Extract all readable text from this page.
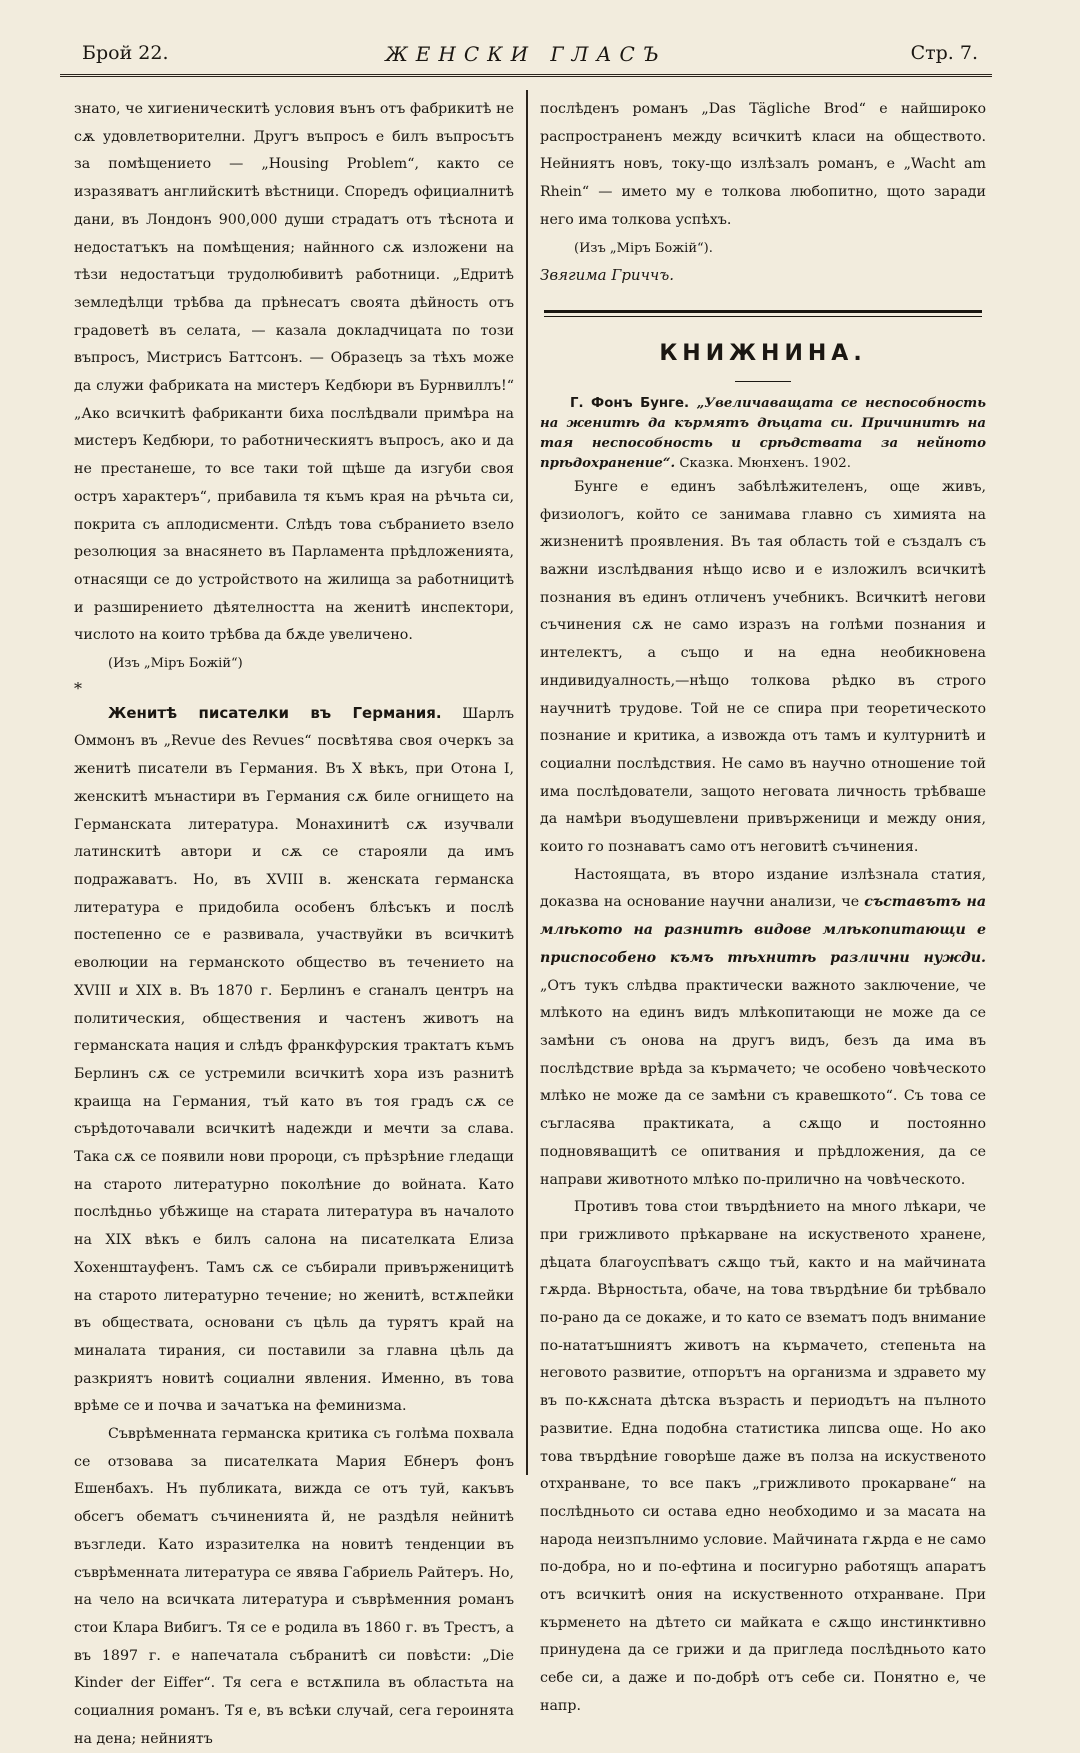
Брой 22.	ЖЕНСКИ ГЛАСЪ	Стр. 7.

знато, че хигиеническитѣ условия вънъ отъ фабрикитѣ не сѫ удовлетворителни. Другъ въпросъ е билъ въпросътъ за помѣщението — „Housing Problem“, както се изразяватъ английскитѣ вѣстници. Споредъ официалнитѣ дани, въ Лондонъ 900,000 души страдатъ отъ тѣснота и недостатъкъ на помѣщения; найнного сѫ изложени на тѣзи недостатъци трудолюбивитѣ работници. „Едритѣ земледѣлци трѣбва да прѣнесатъ своята дѣйность отъ градоветѣ въ селата, — казала докладчицата по този въпросъ, Мистрисъ Баттсонъ. — Образецъ за тѣхъ може да служи фабриката на мистеръ Кедбюри въ Бурнвиллъ!“ „Ако всичкитѣ фабриканти биха послѣдвали примѣра на мистеръ Кедбюри, то работническиятъ въпросъ, ако и да не престанеше, то все таки той щѣше да изгуби своя остръ характеръ“, прибавила тя къмъ края на рѣчьта си, покрита съ аплодисменти. Слѣдъ това събранието взело резолюция за внасянето въ Парламента прѣдложенията, отнасящи се до устройството на жилища за работницитѣ и разширението дѣятелността на женитѣ инспектори, числото на които трѣбва да бѫде увеличено.

(Изъ „Міръ Божій“)

*

Женитѣ писателки въ Германия. Шарлъ Оммонъ въ „Revue des Revues“ посвѣтява своя очеркъ за женитѣ писатели въ Германия. Въ X вѣкъ, при Отона I, женскитѣ мънастири въ Германия сѫ биле огнището на Германската литература. Монахинитѣ сѫ изучвали латинскитѣ автори и сѫ се старояли да имъ подражаватъ. Но, въ XVIII в. женската германска литература е придобила особенъ блѣсъкъ и послѣ постепенно се е развивала, участвуйки въ всичкитѣ еволюции на германското общество въ течението на XVIII и XIX в. Въ 1870 г. Берлинъ е craналъ центръ на политическия, обществения и частенъ животъ на германската нация и слѣдъ франкфурския трактатъ къмъ Берлинъ сѫ се устремили всичкитѣ хора изъ разнитѣ краища на Германия, тъй като въ тоя градъ сѫ се сърѣдоточавали всичкитѣ надежди и мечти за слава. Така сѫ се появили нови пророци, съ прѣзрѣние гледащи на старото литературно поколѣние до войната. Като послѣдньо убѣжище на старата литература въ началото на XIX вѣкъ е билъ салона на писателката Елиза Хохенштауфенъ. Тамъ сѫ се събирали привърженицитѣ на старото литературно течение; но женитѣ, встѫпейки въ обществата, основани съ цѣль да турятъ край на миналата тирания, си поставили за главна цѣль да разкриятъ новитѣ социални явления. Именно, въ това врѣме се и почва и зачатъка на феминизма.

Съврѣменната германска критика съ голѣма похвала се отзовава за писателката Мария Ебнеръ фонъ Ешенбахъ. Нъ публиката, вижда се отъ туй, какъвъ обсегъ обематъ съчиненията й, не раздѣля нейнитѣ възгледи. Като изразителка на новитѣ тенденции въ съврѣменната литература се явява Габриель Райтеръ. Но, на чело на всичката литература и съврѣменния романъ стои Клара Вибигъ. Тя се е родила въ 1860 г. въ Трестъ, а въ 1897 г. е напечатала събранитѣ си повѣсти: „Die Kinder der Eiffer“. Тя сега е встѫпила въ областьта на социалния романъ. Тя е, въ всѣки случай, сега героинята на дена; нейниятъ

послѣденъ романъ „Das Tägliche Brod“ е найширoко распространенъ между всичкитѣ класи на обществото. Нейниятъ новъ, току-що излѣзалъ романъ, е „Wacht am Rhein“ — името му е толкова любопитно, щото заради него има толкова успѣхъ.

(Изъ „Міръ Божій“).

Звягима Гриччъ.

КНИЖНИНА.

Г. Фонъ Бунге. „Увеличаващата се неспособность на женитѣ да кърмятъ дѣцата си. Причинитѣ на тая неспособность и срѣдствата за нейното прѣдохранение“. Сказка. Мюнхенъ. 1902.

Бунге е единъ забѣлѣжителенъ, още живъ, физиологъ, който се занимава главно съ химията на жизненитѣ проявления. Въ тая область той е създалъ съ важни изслѣдвания нѣщо исво и е изложилъ всичкитѣ познания въ единъ отличенъ учебникъ. Всичкитѣ негови съчинения сѫ не само изразъ на голѣми познания и интелектъ, а също и на една необикновена индивидуалность,—нѣщо толкова рѣдко въ строго научнитѣ трудове. Той не се спира при теоретическото познание и критика, а извожда отъ тамъ и културнитѣ и социални послѣдствия. Не само въ научно отношение той има послѣдователи, защото неговата личность трѣбваше да намѣри въодушевлени привърженици и между ония, които го познаватъ само отъ неговитѣ съчинения.

Настоящата, въ второ издание излѣзнала статия, доказва на основание научни анализи, че съставътъ на млѣкото на разнитѣ видове млѣкопитающи е приспособено къмъ тѣхнитѣ различни нужди. „Отъ тукъ слѣдва практически важното заключение, че млѣкото на единъ видъ млѣкопитающи не може да се замѣни съ онова на другъ видъ, безъ да има въ послѣдствие врѣда за кърмачето; че особено човѣческото млѣко не може да се замѣни съ кравешкото“. Съ това се съгласява практиката, а сѫщо и постоянно подновяващитѣ се опитвания и прѣдложения, да се направи животното млѣко по-прилично на човѣческото.

Противъ това стои твърдѣнието на много лѣкари, че при грижливото прѣкарване на искуственото хранене, дѣцата благоуспѣватъ сѫщо тъй, както и на майчината гѫрда. Вѣрностьта, обаче, на това твърдѣние би трѣбвало по-рано да се докаже, и то като се взематъ подъ внимание по-нататъшниятъ животъ на кърмачето, степеньта на неговото развитие, отпорътъ на организма и здравето му въ по-кѫсната дѣтска възрасть и периодътъ на пълното развитие. Една подобна статистика липсва още. Но ако това твърдѣние говорѣше даже въ полза на искуственото отхранване, то все пакъ „грижливото прокарване“ на послѣдньото си остава едно необходимо и за масата на народа неизпълнимо условие. Майчината гѫрда е не само по-добра, но и по-ефтина и посигурно работящъ апаратъ отъ всичкитѣ ония на искуственното отхранване. При кърменето на дѣтето си майката е сѫщо инстинктивно принудена да се грижи и да пригледа послѣдньото като себе си, а даже и по-добрѣ отъ себе си. Понятно е, че напр.
